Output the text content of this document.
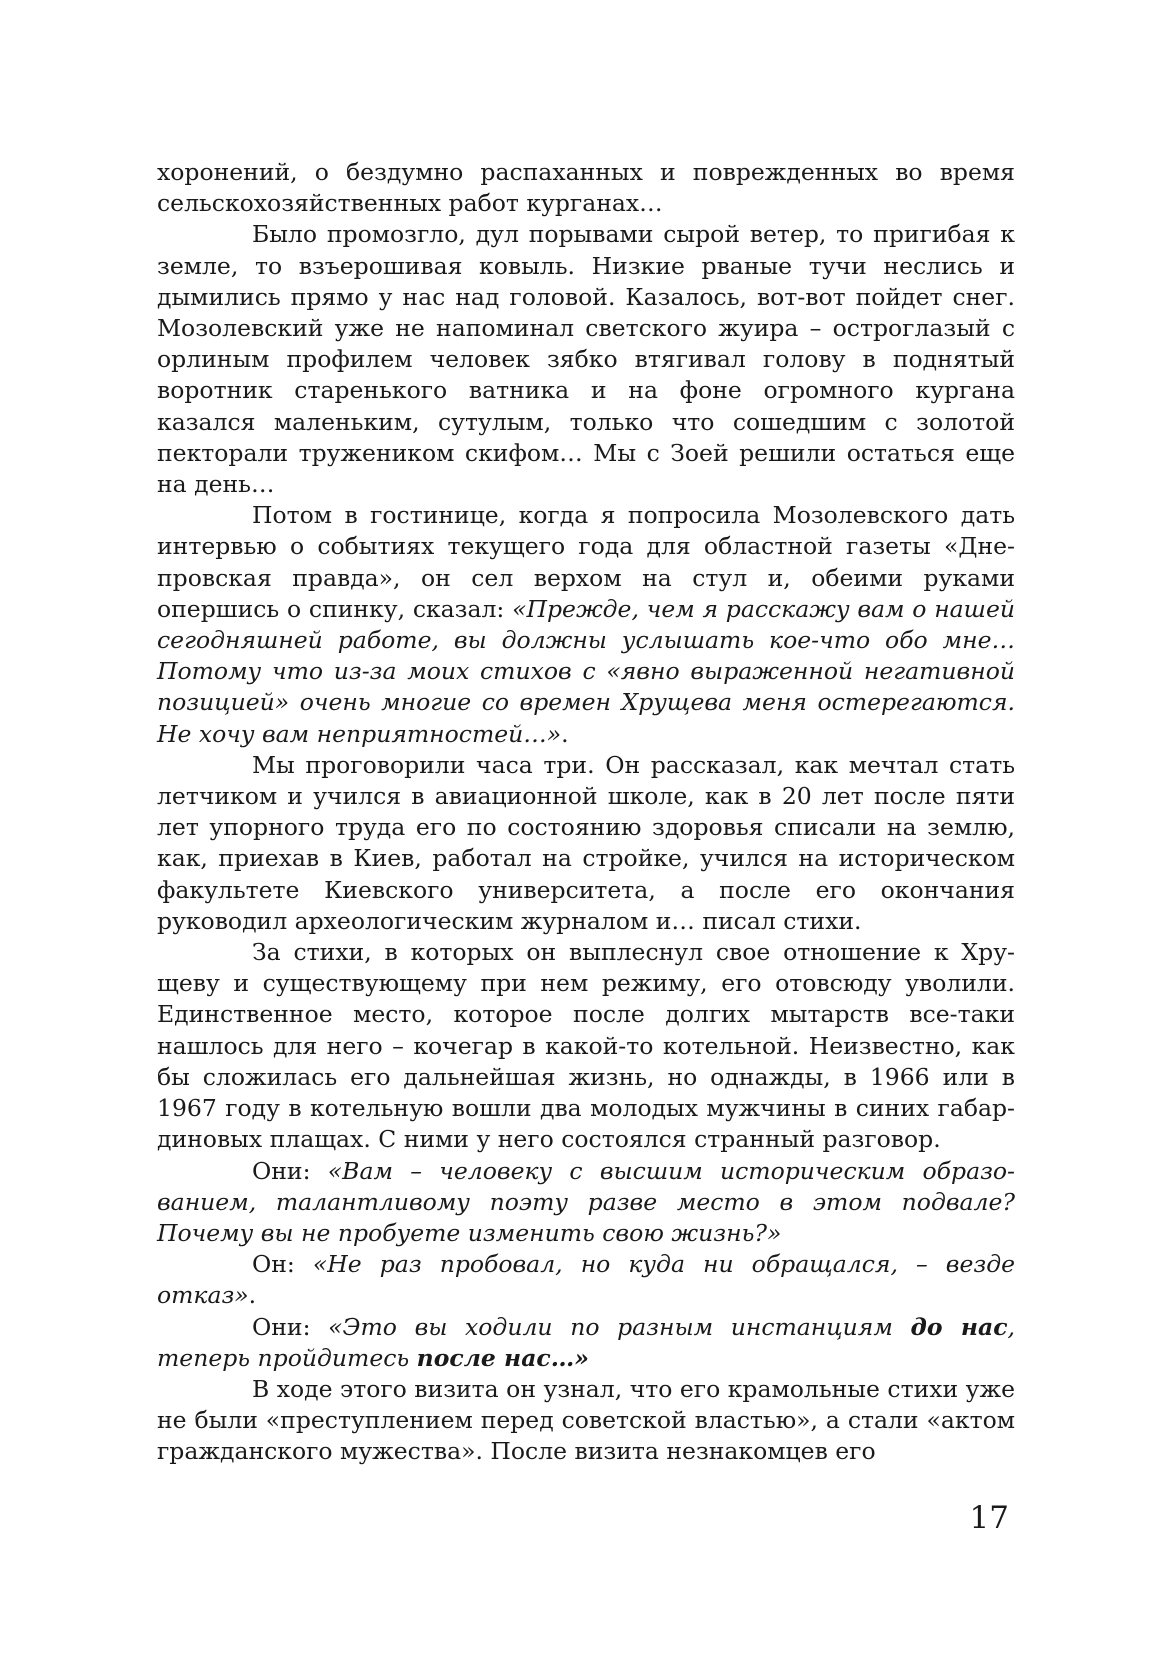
хоронений, о бездумно распаханных и поврежденных во время сельскохозяйственных работ курганах…

Было промозгло, дул порывами сырой ветер, то пригибая к земле, то взъерошивая ковыль. Низкие рваные тучи неслись и дымились прямо у нас над головой. Казалось, вот-вот пойдет снег. Мозолевский уже не напоминал светского жуира – остроглазый с орлиным профилем человек зябко втягивал голову в поднятый воротник старенького ватника и на фоне огромного кургана казался маленьким, сутулым, только что сошедшим с золотой пекторали тружеником скифом… Мы с Зоей решили остаться еще на день…

Потом в гостинице, когда я попросила Мозолевского дать интервью о событиях текущего года для областной газеты «Днепровская правда», он сел верхом на стул и, обеими руками опершись о спинку, сказал: «Прежде, чем я расскажу вам о нашей сегодняшней работе, вы должны услышать кое-что обо мне… Потому что из-за моих стихов с «явно выраженной негативной позицией» очень многие со времен Хрущева меня остерегаются. Не хочу вам неприятностей…».

Мы проговорили часа три. Он рассказал, как мечтал стать летчиком и учился в авиационной школе, как в 20 лет после пяти лет упорного труда его по состоянию здоровья списали на землю, как, приехав в Киев, работал на стройке, учился на историческом факультете Киевского университета, а после его окончания руководил археологическим журналом и… писал стихи.

За стихи, в которых он выплеснул свое отношение к Хрущеву и существующему при нем режиму, его отовсюду уволили. Единственное место, которое после долгих мытарств все-таки нашлось для него – кочегар в какой-то котельной. Неизвестно, как бы сложилась его дальнейшая жизнь, но однажды, в 1966 или в 1967 году в котельную вошли два молодых мужчины в синих габардиновых плащах. С ними у него состоялся странный разговор.

Они: «Вам – человеку с высшим историческим образованием, талантливому поэту разве место в этом подвале? Почему вы не пробуете изменить свою жизнь?»

Он: «Не раз пробовал, но куда ни обращался, – везде отказ».

Они: «Это вы ходили по разным инстанциям до нас, теперь пройдитесь после нас…»

В ходе этого визита он узнал, что его крамольные стихи уже не были «преступлением перед советской властью», а стали «актом гражданского мужества». После визита незнакомцев его

17
